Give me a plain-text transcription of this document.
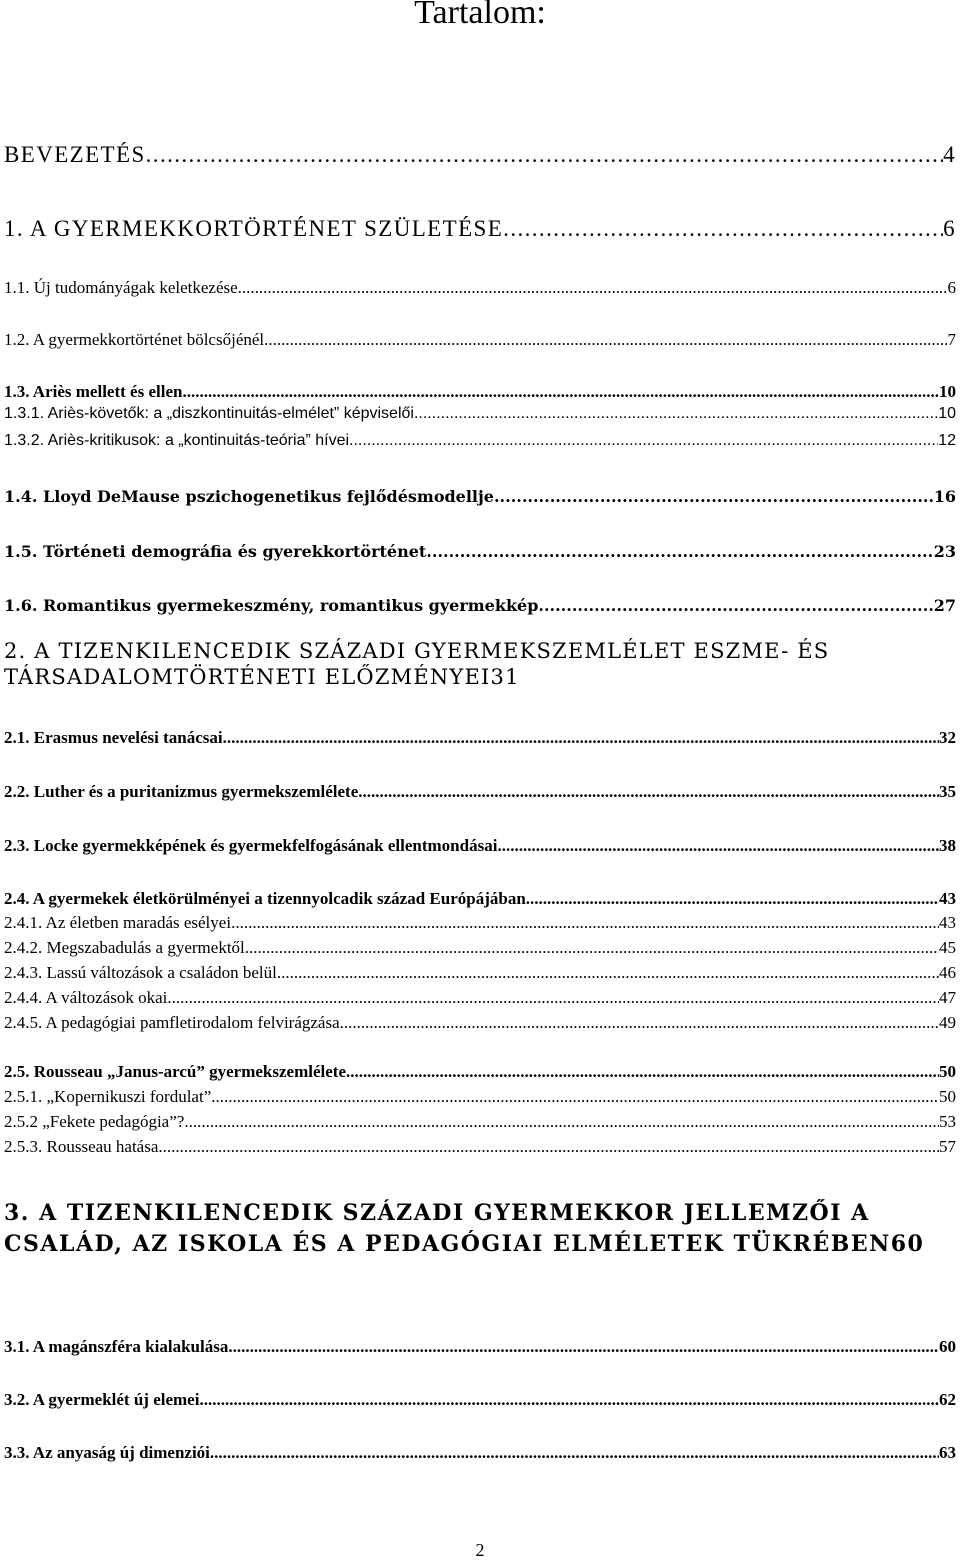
Tartalom:
BEVEZETÉS .....	4
1. A GYERMEKKORTÖRTÉNET SZÜLETÉSE .....	6
1.1. Új tudományágak keletkezése .....	6
1.2. A gyermekkortörténet bölcsőjénél .....	7
1.3. Ariès mellett és ellen .....	10
1.3.1. Ariès-követők: a „diszkontinuitás-elmélet” képviselői .....	10
1.3.2. Ariès-kritikusok: a „kontinuitás-teória” hívei .....	12
1.4. Lloyd DeMause pszichogenetikus fejlődésmodellje .....	16
1.5. Történeti demográfia és gyerekkortörténet .....	23
1.6. Romantikus gyermekeszmény, romantikus gyermekkép .....	27
2. A TIZENKILENCEDIK SZÁZADI GYERMEKSZEMLÉLET ESZME- ÉS
TÁRSADALOMTÖRTÉNETI ELŐZMÉNYEI 31
2.1. Erasmus nevelési tanácsai .....	32
2.2. Luther és a puritanizmus gyermekszemlélete .....	35
2.3. Locke gyermekképének és gyermekfelfogásának ellentmondásai .....	38
2.4. A gyermekek életkörülményei a tizennyolcadik század Európájában .....	43
2.4.1. Az életben maradás esélyei .....	43
2.4.2. Megszabadulás a gyermektől .....	45
2.4.3. Lassú változások a családon belül .....	46
2.4.4. A változások okai .....	47
2.4.5. A pedagógiai pamfletirodalom felvirágzása .....	49
2.5. Rousseau „Janus-arcú” gyermekszemlélete .....	50
2.5.1. „Kopernikuszi fordulat” .....	50
2.5.2 „Fekete pedagógia”? .....	53
2.5.3. Rousseau hatása .....	57
3. A TIZENKILENCEDIK SZÁZADI GYERMEKKOR JELLEMZŐI A
CSALÁD, AZ ISKOLA ÉS A PEDAGÓGIAI ELMÉLETEK TÜKRÉBEN 60
3.1. A magánszféra kialakulása .....	60
3.2. A gyermeklét új elemei .....	62
3.3. Az anyaság új dimenziói .....	63
2
